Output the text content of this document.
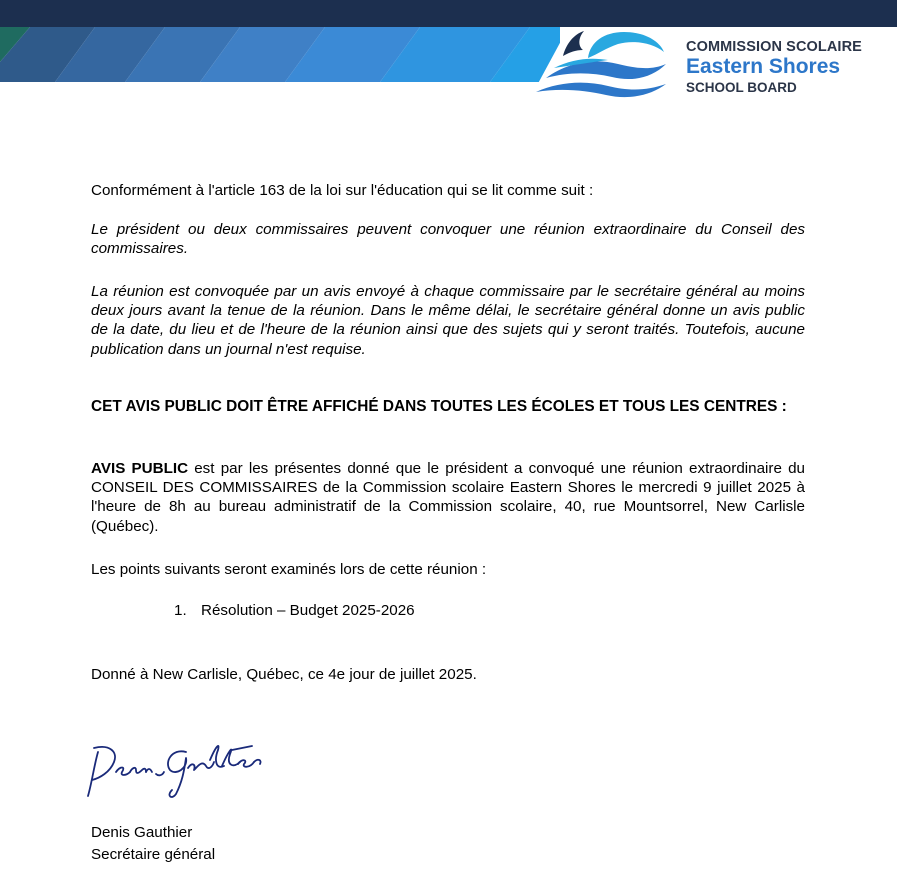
COMMISSION SCOLAIRE
Eastern Shores
SCHOOL BOARD

Conformément à l'article 163 de la loi sur l'éducation qui se lit comme suit :

Le président ou deux commissaires peuvent convoquer une réunion extraordinaire du Conseil des commissaires.

La réunion est convoquée par un avis envoyé à chaque commissaire par le secrétaire général au moins deux jours avant la tenue de la réunion. Dans le même délai, le secrétaire général donne un avis public de la date, du lieu et de l'heure de la réunion ainsi que des sujets qui y seront traités. Toutefois, aucune publication dans un journal n'est requise.

CET AVIS PUBLIC DOIT ÊTRE AFFICHÉ DANS TOUTES LES ÉCOLES ET TOUS LES CENTRES :

AVIS PUBLIC est par les présentes donné que le président a convoqué une réunion extraordinaire du CONSEIL DES COMMISSAIRES de la Commission scolaire Eastern Shores le mercredi 9 juillet 2025 à l'heure de 8h au bureau administratif de la Commission scolaire, 40, rue Mountsorrel, New Carlisle (Québec).

Les points suivants seront examinés lors de cette réunion :

1. Résolution – Budget 2025-2026

Donné à New Carlisle, Québec, ce 4e jour de juillet 2025.

Denis Gauthier
Secrétaire général
